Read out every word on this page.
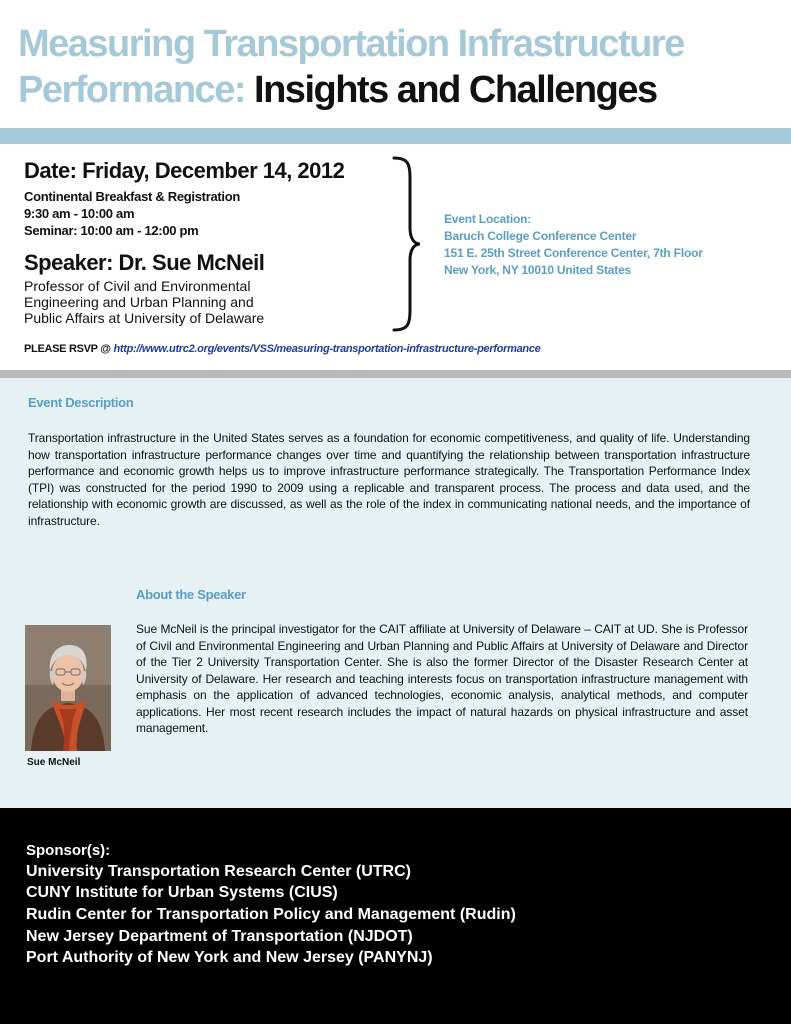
Measuring Transportation Infrastructure
Performance: Insights and Challenges
Date: Friday, December 14, 2012
Continental Breakfast & Registration
9:30 am - 10:00 am
Seminar: 10:00 am - 12:00 pm
Speaker: Dr. Sue McNeil
Professor of Civil and Environmental
Engineering and Urban Planning and
Public Affairs at University of Delaware
Event Location:
Baruch College Conference Center
151 E. 25th Street Conference Center, 7th Floor
New York, NY 10010 United States
PLEASE RSVP @ http://www.utrc2.org/events/VSS/measuring-transportation-infrastructure-performance
Event Description
Transportation infrastructure in the United States serves as a foundation for economic competitiveness, and quality of life. Understanding how transportation infrastructure performance changes over time and quantifying the relationship between transportation infrastructure performance and economic growth helps us to improve infrastructure performance strategically. The Transportation Performance Index (TPI) was constructed for the period 1990 to 2009 using a replicable and transparent process. The process and data used, and the relationship with economic growth are discussed, as well as the role of the index in communicating national needs, and the importance of infrastructure.
About the Speaker
Sue McNeil
Sue McNeil is the principal investigator for the CAIT affiliate at University of Delaware – CAIT at UD. She is Professor of Civil and Environmental Engineering and Urban Planning and Public Affairs at University of Delaware and Director of the Tier 2 University Transportation Center. She is also the former Director of the Disaster Research Center at University of Delaware. Her research and teaching interests focus on transportation infrastructure management with emphasis on the application of advanced technologies, economic analysis, analytical methods, and computer applications. Her most recent research includes the impact of natural hazards on physical infrastructure and asset management.
Sponsor(s):
University Transportation Research Center (UTRC)
CUNY Institute for Urban Systems (CIUS)
Rudin Center for Transportation Policy and Management (Rudin)
New Jersey Department of Transportation (NJDOT)
Port Authority of New York and New Jersey (PANYNJ)
